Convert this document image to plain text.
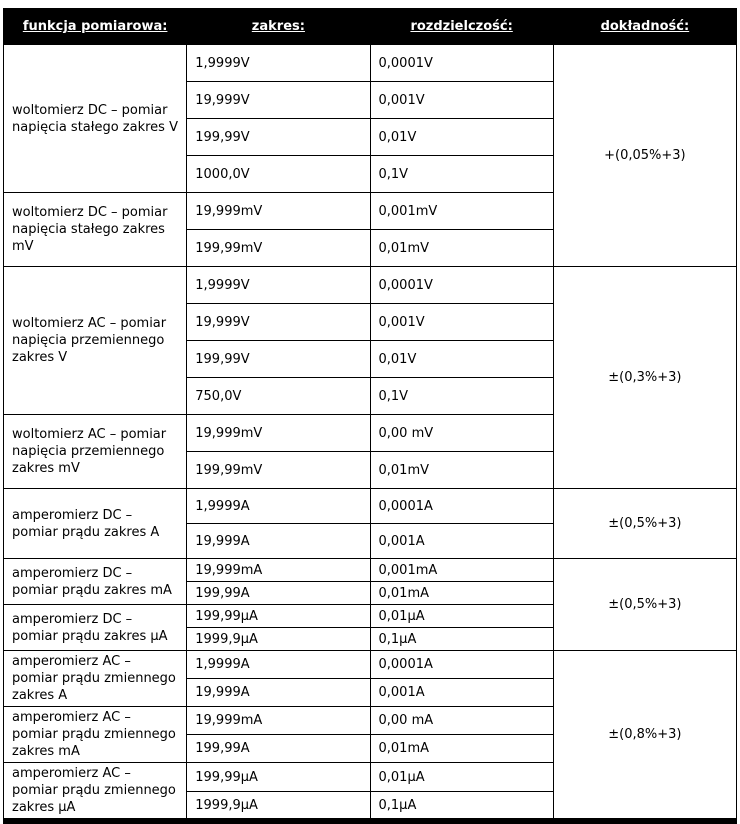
funkcja pomiarowa:	zakres:	rozdzielczość:	dokładność:
woltomierz DC – pomiar napięcia stałego zakres V	1,9999V	0,0001V	+(0,05%+3)
	19,999V	0,001V	
	199,99V	0,01V	
	1000,0V	0,1V	
woltomierz DC – pomiar napięcia stałego zakres mV	19,999mV	0,001mV	
	199,99mV	0,01mV	
woltomierz AC – pomiar napięcia przemiennego zakres V	1,9999V	0,0001V	±(0,3%+3)
	19,999V	0,001V	
	199,99V	0,01V	
	750,0V	0,1V	
woltomierz AC – pomiar napięcia przemiennego zakres mV	19,999mV	0,00 mV	
	199,99mV	0,01mV	
amperomierz DC – pomiar prądu zakres A	1,9999A	0,0001A	±(0,5%+3)
	19,999A	0,001A	
amperomierz DC – pomiar prądu zakres mA	19,999mA	0,001mA	±(0,5%+3)
	199,99A	0,01mA	
amperomierz DC – pomiar prądu zakres µA	199,99µA	0,01µA	
	1999,9µA	0,1µA	
amperomierz AC – pomiar prądu zmiennego zakres A	1,9999A	0,0001A	±(0,8%+3)
	19,999A	0,001A	
amperomierz AC – pomiar prądu zmiennego zakres mA	19,999mA	0,00 mA	
	199,99A	0,01mA	
amperomierz AC – pomiar prądu zmiennego zakres µA	199,99µA	0,01µA	
	1999,9µA	0,1µA	
